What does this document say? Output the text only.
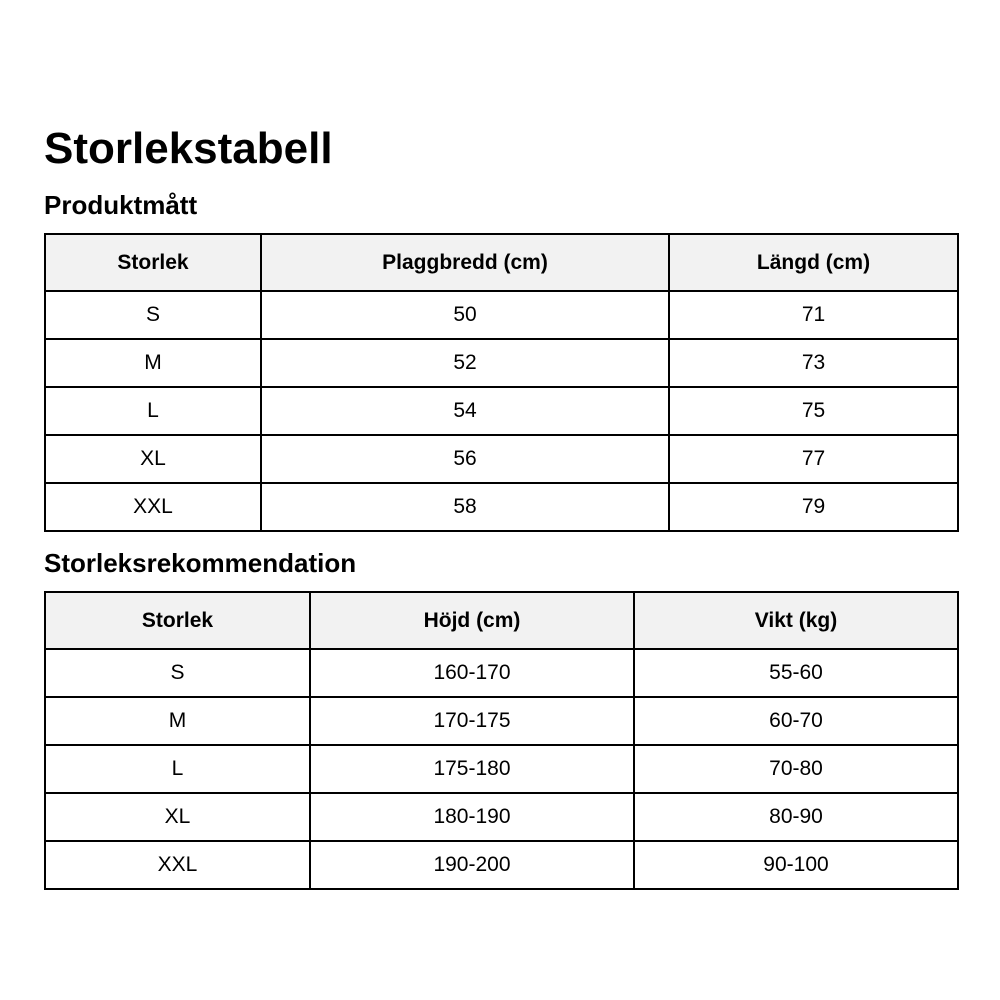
Storlekstabell
Produktmått
Storlek	Plaggbredd (cm)	Längd (cm)
S	50	71
M	52	73
L	54	75
XL	56	77
XXL	58	79
Storleksrekommendation
Storlek	Höjd (cm)	Vikt (kg)
S	160-170	55-60
M	170-175	60-70
L	175-180	70-80
XL	180-190	80-90
XXL	190-200	90-100
